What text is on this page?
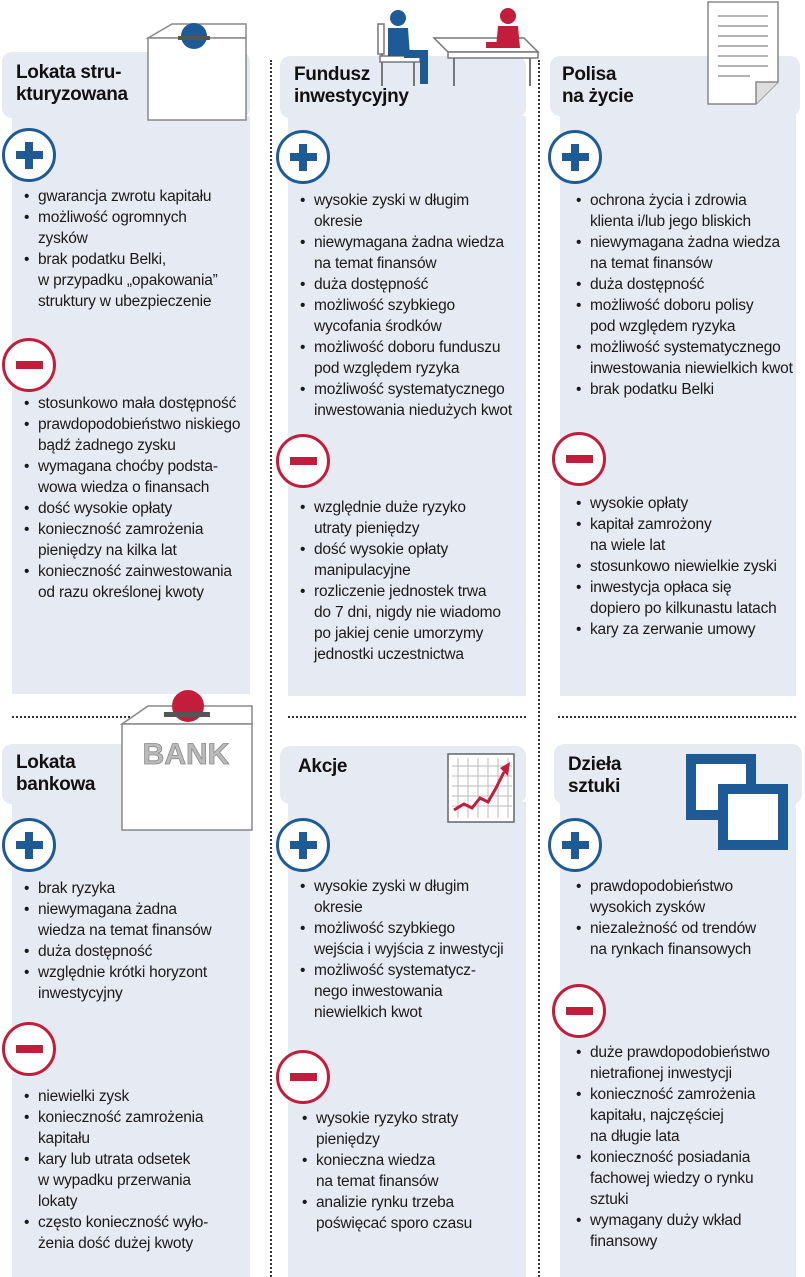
Lokata stru-
kturyzowana
• gwarancja zwrotu kapitału
• możliwość ogromnych
zysków
• brak podatku Belki,
w przypadku „opakowania”
struktury w ubezpieczenie
• stosunkowo mała dostępność
• prawdopodobieństwo niskiego
bądź żadnego zysku
• wymagana choćby podsta-
wowa wiedza o finansach
• dość wysokie opłaty
• konieczność zamrożenia
pieniędzy na kilka lat
• konieczność zainwestowania
od razu określonej kwoty
Fundusz
inwestycyjny
• wysokie zyski w długim
okresie
• niewymagana żadna wiedza
na temat finansów
• duża dostępność
• możliwość szybkiego
wycofania środków
• możliwość doboru funduszu
pod względem ryzyka
• możliwość systematycznego
inwestowania niedużych kwot
• względnie duże ryzyko
utraty pieniędzy
• dość wysokie opłaty
manipulacyjne
• rozliczenie jednostek trwa
do 7 dni, nigdy nie wiadomo
po jakiej cenie umorzymy
jednostki uczestnictwa
Polisa
na życie
• ochrona życia i zdrowia
klienta i/lub jego bliskich
• niewymagana żadna wiedza
na temat finansów
• duża dostępność
• możliwość doboru polisy
pod względem ryzyka
• możliwość systematycznego
inwestowania niewielkich kwot
• brak podatku Belki
• wysokie opłaty
• kapitał zamrożony
na wiele lat
• stosunkowo niewielkie zyski
• inwestycja opłaca się
dopiero po kilkunastu latach
• kary za zerwanie umowy
BANK
Lokata
bankowa
• brak ryzyka
• niewymagana żadna
wiedza na temat finansów
• duża dostępność
• względnie krótki horyzont
inwestycyjny
• niewielki zysk
• konieczność zamrożenia
kapitału
• kary lub utrata odsetek
w wypadku przerwania
lokaty
• często konieczność wyło-
żenia dość dużej kwoty
Akcje
• wysokie zyski w długim
okresie
• możliwość szybkiego
wejścia i wyjścia z inwestycji
• możliwość systematycz-
nego inwestowania
niewielkich kwot
• wysokie ryzyko straty
pieniędzy
• konieczna wiedza
na temat finansów
• analizie rynku trzeba
poświęcać sporo czasu
Dzieła
sztuki
• prawdopodobieństwo
wysokich zysków
• niezależność od trendów
na rynkach finansowych
• duże prawdopodobieństwo
nietrafionej inwestycji
• konieczność zamrożenia
kapitału, najczęściej
na długie lata
• konieczność posiadania
fachowej wiedzy o rynku
sztuki
• wymagany duży wkład
finansowy
